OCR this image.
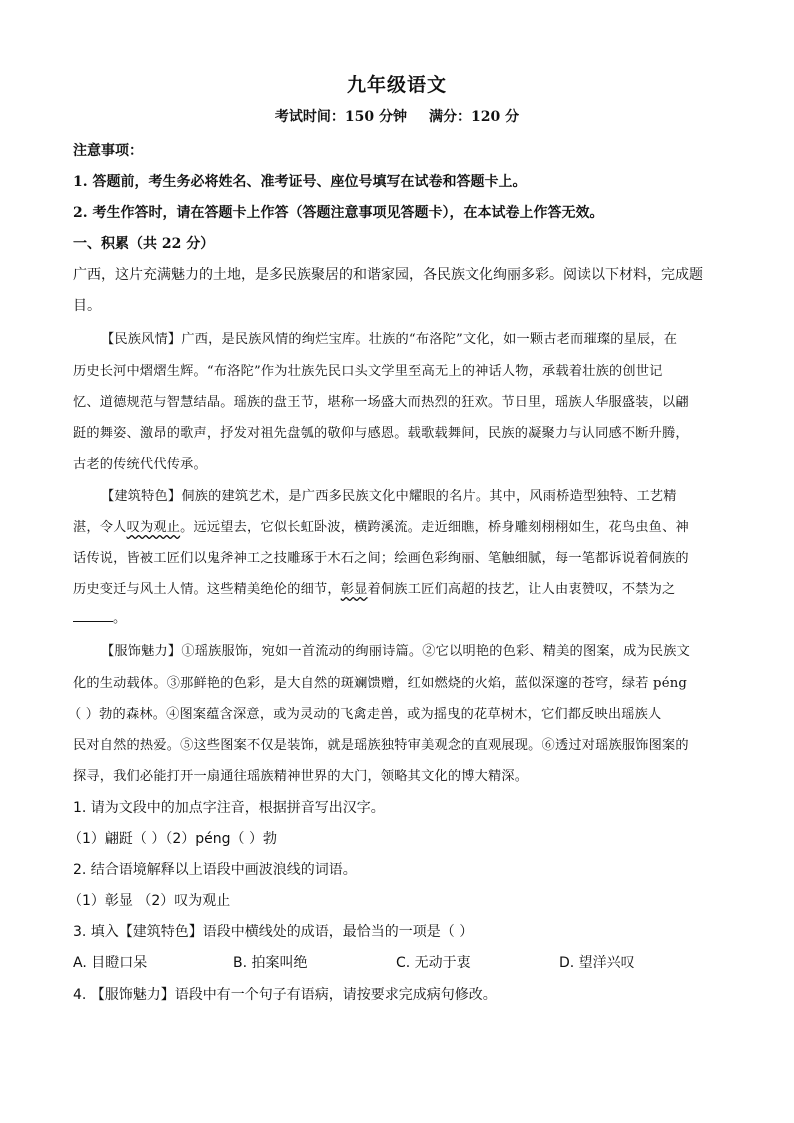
九年级语文
考试时间：150 分钟 满分：120 分
注意事项：
1. 答题前，考生务必将姓名、准考证号、座位号填写在试卷和答题卡上。
2. 考生作答时，请在答题卡上作答（答题注意事项见答题卡），在本试卷上作答无效。
一、积累（共 22 分）
广西，这片充满魅力的土地，是多民族聚居的和谐家园，各民族文化绚丽多彩。阅读以下材料，完成题
目。
【民族风情】广西，是民族风情的绚烂宝库。壮族的“布洛陀”文化，如一颗古老而璀璨的星辰，在
历史长河中熠熠生辉。“布洛陀”作为壮族先民口头文学里至高无上的神话人物，承载着壮族的创世记
忆、道德规范与智慧结晶。瑶族的盘王节，堪称一场盛大而热烈的狂欢。节日里，瑶族人华服盛装，以翩
跹的舞姿、激昂的歌声，抒发对祖先盘瓠的敬仰与感恩。载歌载舞间，民族的凝聚力与认同感不断升腾，
古老的传统代代传承。
【建筑特色】侗族的建筑艺术，是广西多民族文化中耀眼的名片。其中，风雨桥造型独特、工艺精
湛，令人叹为观止。远远望去，它似长虹卧波，横跨溪流。走近细瞧，桥身雕刻栩栩如生，花鸟虫鱼、神
话传说，皆被工匠们以鬼斧神工之技雕琢于木石之间；绘画色彩绚丽、笔触细腻，每一笔都诉说着侗族的
历史变迁与风土人情。这些精美绝伦的细节，彰显着侗族工匠们高超的技艺，让人由衷赞叹，不禁为之
。
【服饰魅力】①瑶族服饰，宛如一首流动的绚丽诗篇。②它以明艳的色彩、精美的图案，成为民族文
化的生动载体。③那鲜艳的色彩，是大自然的斑斓馈赠，红如燃烧的火焰，蓝似深邃的苍穹，绿若 péng
（ ）勃的森林。④图案蕴含深意，或为灵动的飞禽走兽，或为摇曳的花草树木，它们都反映出瑶族人
民对自然的热爱。⑤这些图案不仅是装饰，就是瑶族独特审美观念的直观展现。⑥透过对瑶族服饰图案的
探寻，我们必能打开一扇通往瑶族精神世界的大门，领略其文化的博大精深。
1. 请为文段中的加点字注音，根据拼音写出汉字。
（1）翩跹（ ）（2）péng（ ）勃
2. 结合语境解释以上语段中画波浪线的词语。
（1）彰显 （2）叹为观止
3. 填入【建筑特色】语段中横线处的成语，最恰当的一项是（ ）
A. 目瞪口呆	B. 拍案叫绝	C. 无动于衷	D. 望洋兴叹
4. 【服饰魅力】语段中有一个句子有语病，请按要求完成病句修改。
